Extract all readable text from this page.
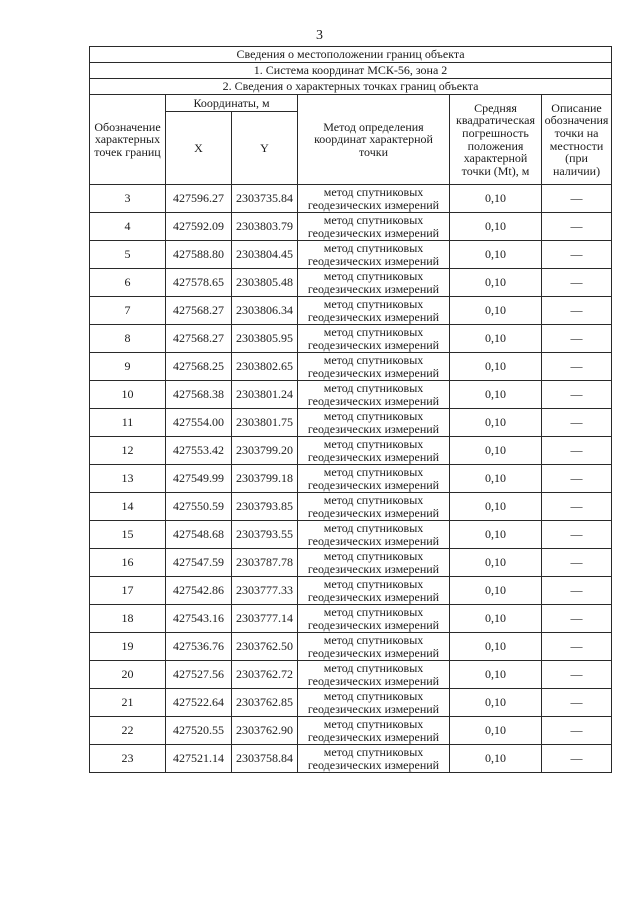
3
Сведения о местоположении границ объекта					
1. Система координат МСК-56, зона 2					
2. Сведения о характерных точках границ объекта					
Обозначение характерных точек границ	Координаты, м		Метод определения координат характерной точки	Средняя квадратическая погрешность положения характерной точки (Mt), м	Описание обозначения точки на местности (при наличии)
	X	Y			
3	427596.27	2303735.84	метод спутниковых геодезических измерений	0,10	—
4	427592.09	2303803.79	метод спутниковых геодезических измерений	0,10	—
5	427588.80	2303804.45	метод спутниковых геодезических измерений	0,10	—
6	427578.65	2303805.48	метод спутниковых геодезических измерений	0,10	—
7	427568.27	2303806.34	метод спутниковых геодезических измерений	0,10	—
8	427568.27	2303805.95	метод спутниковых геодезических измерений	0,10	—
9	427568.25	2303802.65	метод спутниковых геодезических измерений	0,10	—
10	427568.38	2303801.24	метод спутниковых геодезических измерений	0,10	—
11	427554.00	2303801.75	метод спутниковых геодезических измерений	0,10	—
12	427553.42	2303799.20	метод спутниковых геодезических измерений	0,10	—
13	427549.99	2303799.18	метод спутниковых геодезических измерений	0,10	—
14	427550.59	2303793.85	метод спутниковых геодезических измерений	0,10	—
15	427548.68	2303793.55	метод спутниковых геодезических измерений	0,10	—
16	427547.59	2303787.78	метод спутниковых геодезических измерений	0,10	—
17	427542.86	2303777.33	метод спутниковых геодезических измерений	0,10	—
18	427543.16	2303777.14	метод спутниковых геодезических измерений	0,10	—
19	427536.76	2303762.50	метод спутниковых геодезических измерений	0,10	—
20	427527.56	2303762.72	метод спутниковых геодезических измерений	0,10	—
21	427522.64	2303762.85	метод спутниковых геодезических измерений	0,10	—
22	427520.55	2303762.90	метод спутниковых геодезических измерений	0,10	—
23	427521.14	2303758.84	метод спутниковых геодезических измерений	0,10	—
